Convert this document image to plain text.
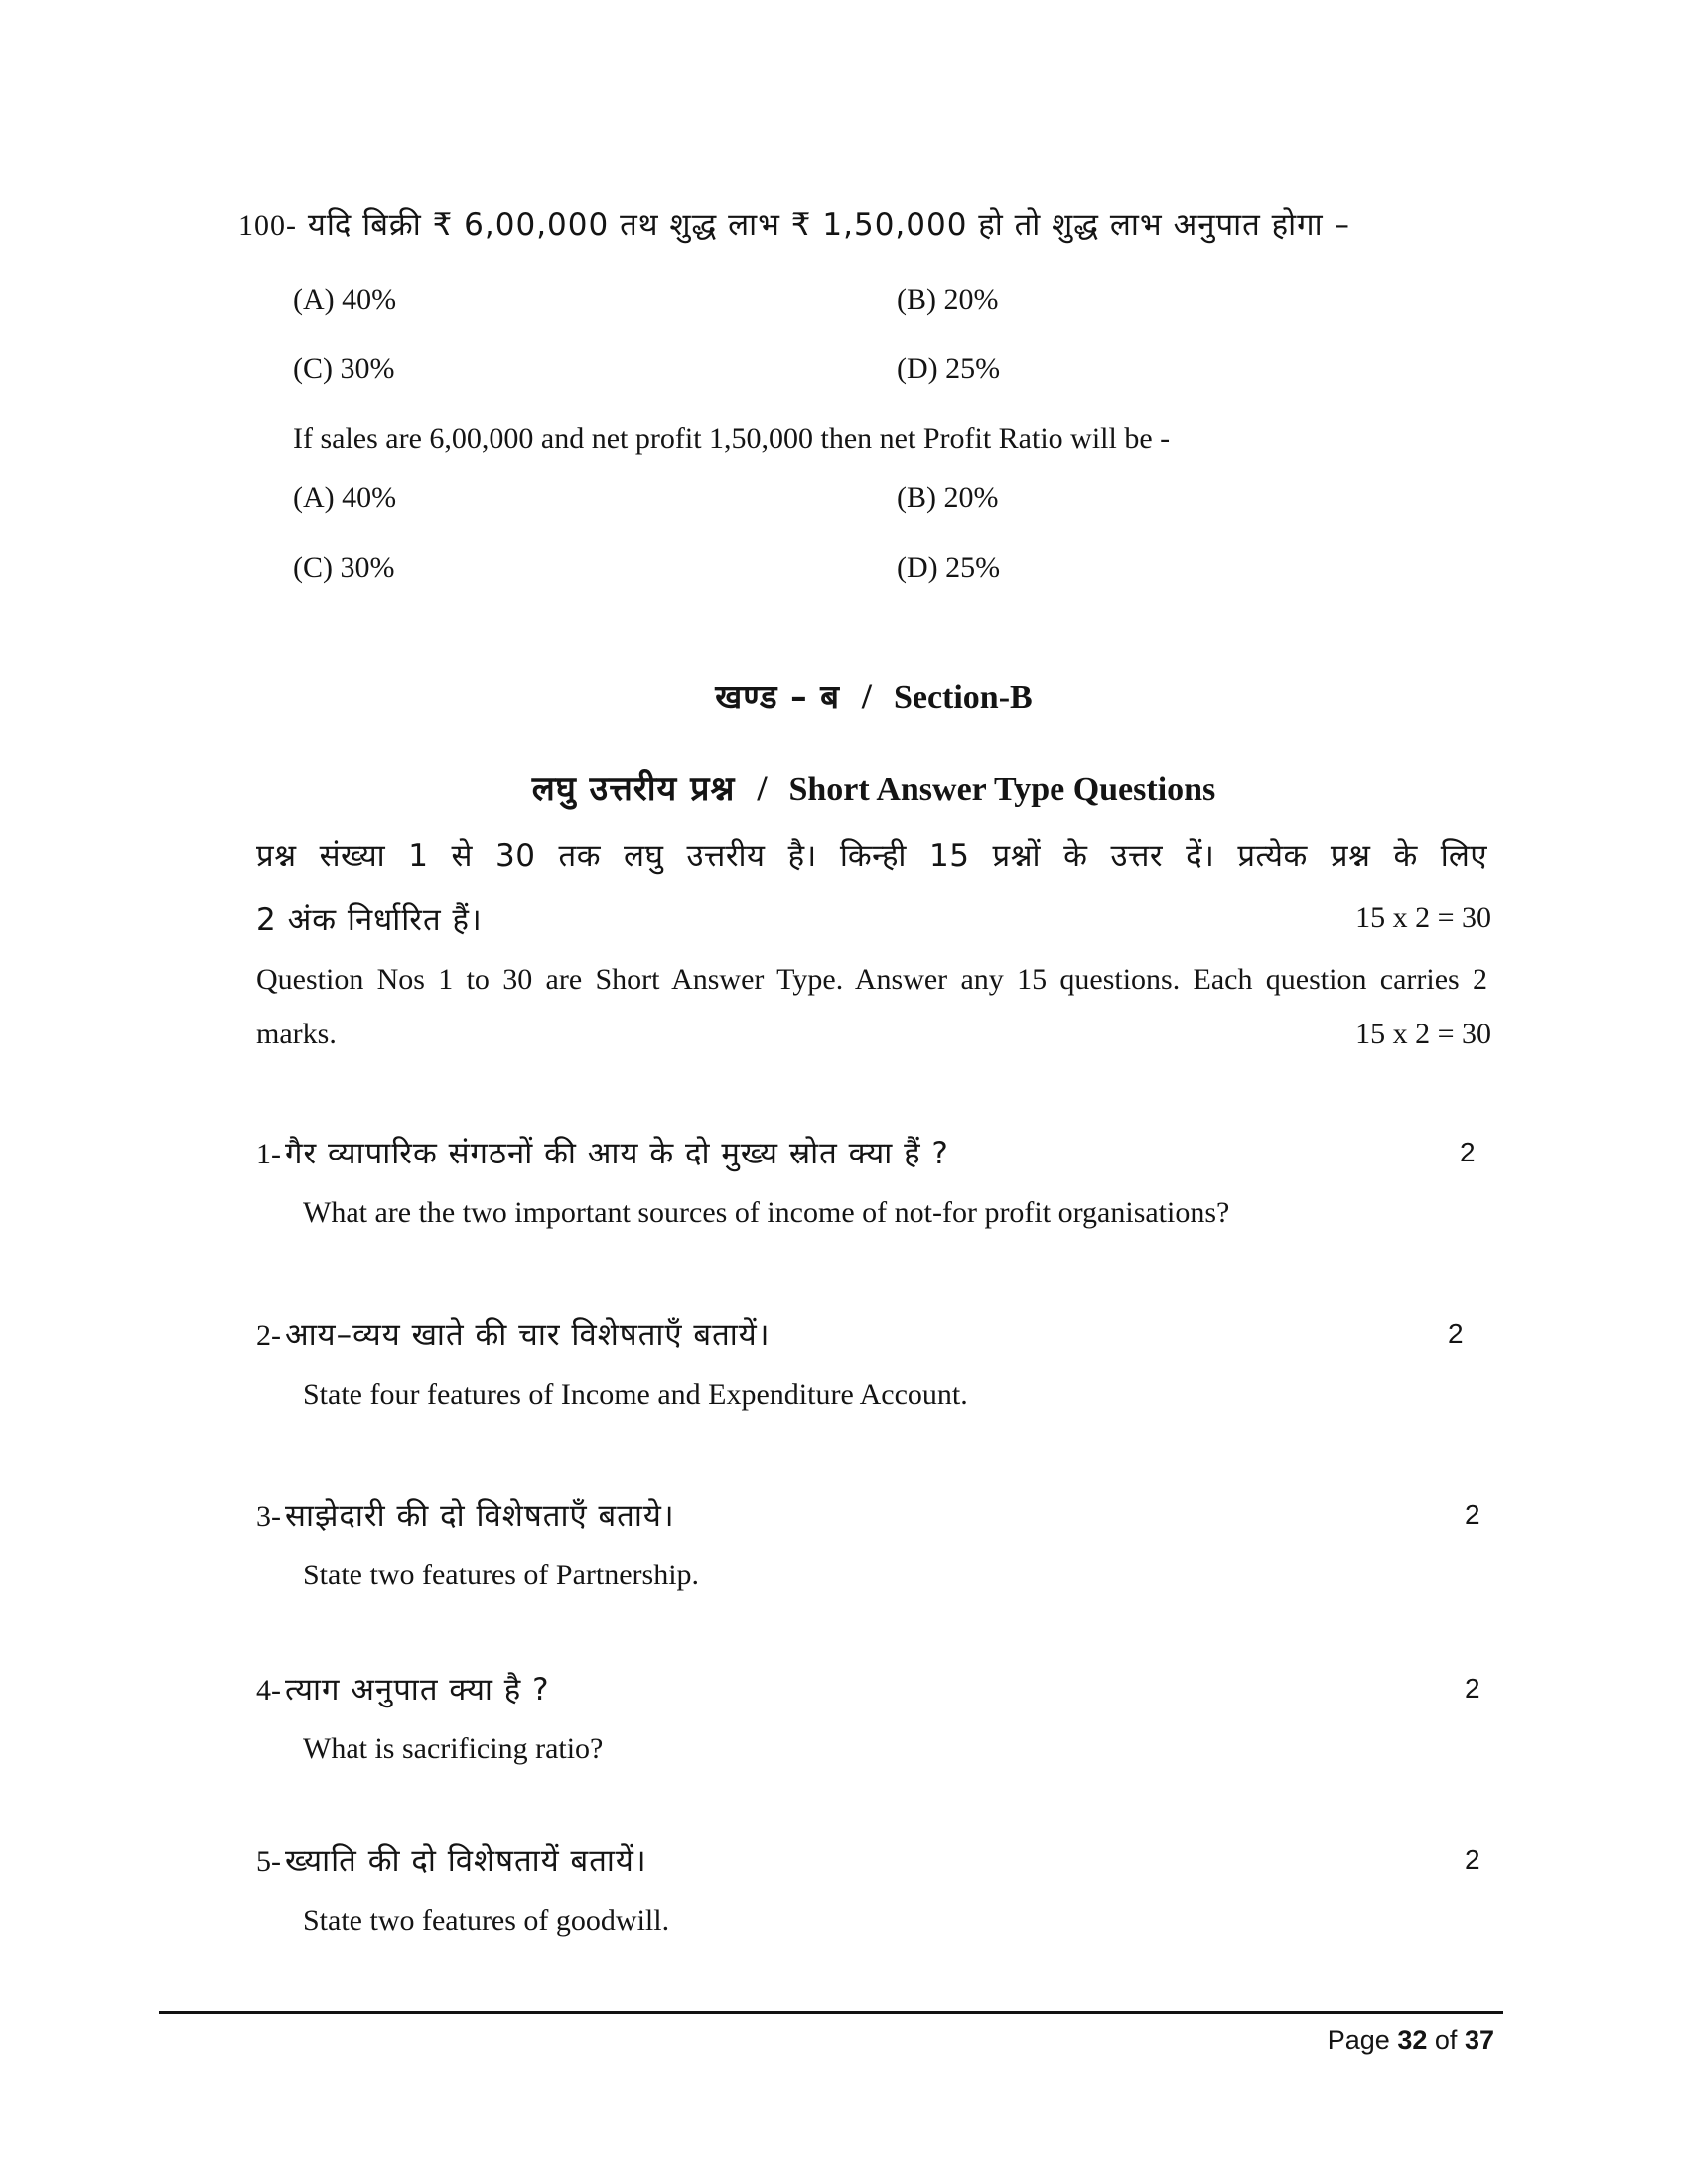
100- यदि बिक्री ₹ 6,00,000 तथ शुद्ध लाभ ₹ 1,50,000 हो तो शुद्ध लाभ अनुपात होगा –
(A) 40%	(B) 20%
(C) 30%	(D) 25%
If sales are 6,00,000 and net profit 1,50,000 then net Profit Ratio will be -
(A) 40%	(B) 20%
(C) 30%	(D) 25%
खण्ड – ब / Section-B
लघु उत्तरीय प्रश्न / Short Answer Type Questions
प्रश्न संख्या 1 से 30 तक लघु उत्तरीय है। किन्ही 15 प्रश्नों के उत्तर दें। प्रत्येक प्रश्न के लिए
2 अंक निर्धारित हैं।	15 x 2 = 30
Question Nos 1 to 30 are Short Answer Type. Answer any 15 questions. Each question carries 2
marks.	15 x 2 = 30
1- गैर व्यापारिक संगठनों की आय के दो मुख्य स्रोत क्या हैं ?	2
What are the two important sources of income of not-for profit organisations?
2- आय–व्यय खाते की चार विशेषताएँ बतायें।	2
State four features of Income and Expenditure Account.
3- साझेदारी की दो विशेषताएँ बताये।	2
State two features of Partnership.
4- त्याग अनुपात क्या है ?	2
What is sacrificing ratio?
5- ख्याति की दो विशेषतायें बतायें।	2
State two features of goodwill.
Page 32 of 37
